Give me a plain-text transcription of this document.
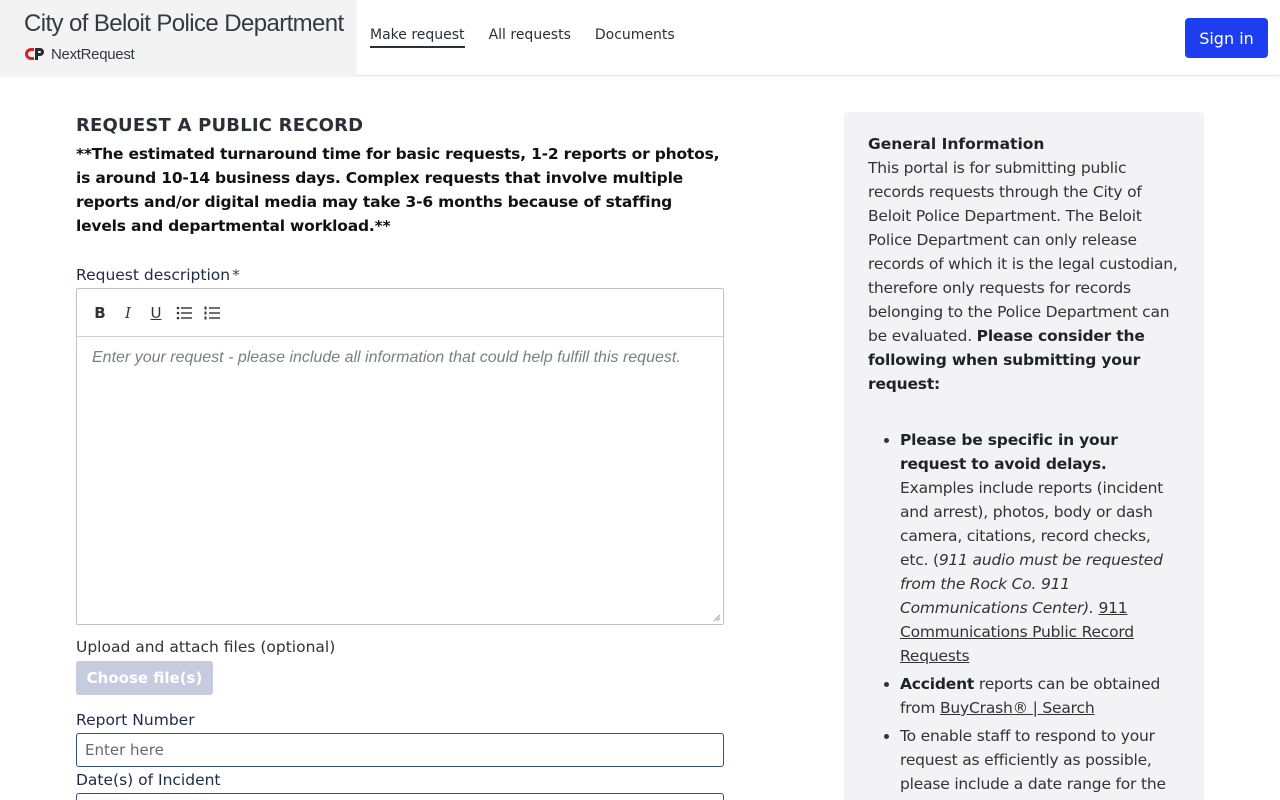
City of Beloit Police Department
NextRequest
Make request All requests Documents	Sign in
REQUEST A PUBLIC RECORD
**The estimated turnaround time for basic requests, 1-2 reports or photos, is around 10-14 business days. Complex requests that involve multiple reports and/or digital media may take 3-6 months because of staffing levels and departmental workload.**
Request description *
B	I	U
Enter your request - please include all information that could help fulfill this request.
Upload and attach files (optional)
Choose file(s)
Report Number
Enter here
Date(s) of Incident
General Information
This portal is for submitting public records requests through the City of Beloit Police Department. The Beloit Police Department can only release records of which it is the legal custodian, therefore only requests for records belonging to the Police Department can be evaluated. Please consider the following when submitting your request:
• Please be specific in your request to avoid delays. Examples include reports (incident and arrest), photos, body or dash camera, citations, record checks, etc. (911 audio must be requested from the Rock Co. 911 Communications Center). 911 Communications Public Record Requests
• Accident reports can be obtained from BuyCrash® | Search
• To enable staff to respond to your request as efficiently as possible, please include a date range for the
